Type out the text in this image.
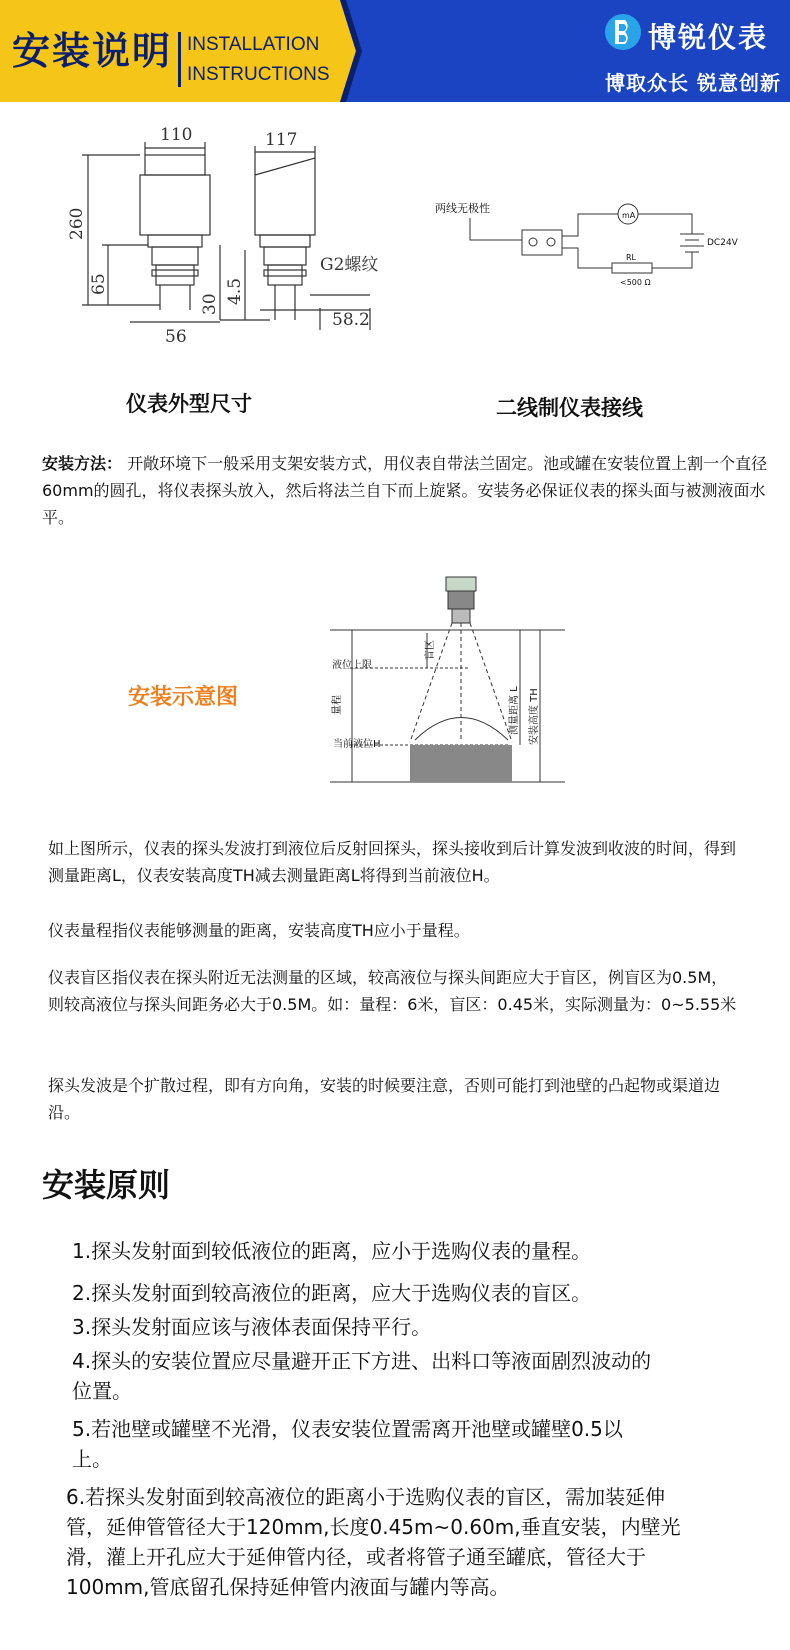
安装说明 INSTALLATION
INSTRUCTIONS
博锐仪表
博取众长 锐意创新
110	117
260
65
56
30 4.5
G2螺纹
58.2
仪表外型尺寸
两线无极性
mA
DC24V
RL
<500 Ω
二线制仪表接线
安装方法： 开敞环境下一般采用支架安装方式，用仪表自带法兰固定。池或罐在安装位置上割一个直径60mm的圆孔，将仪表探头放入，然后将法兰自下而上旋紧。安装务必保证仪表的探头面与被测液面水平。
安装示意图
液位上限
当前液位H
量程
盲区
测量距离 L 安装高度 TH
如上图所示，仪表的探头发波打到液位后反射回探头，探头接收到后计算发波到收波的时间，得到测量距离L，仪表安装高度TH减去测量距离L将得到当前液位H。
仪表量程指仪表能够测量的距离，安装高度TH应小于量程。
仪表盲区指仪表在探头附近无法测量的区域，较高液位与探头间距应大于盲区，例盲区为0.5M，则较高液位与探头间距务必大于0.5M。如：量程：6米，盲区：0.45米，实际测量为：0~5.55米
探头发波是个扩散过程，即有方向角，安装的时候要注意，否则可能打到池壁的凸起物或渠道边沿。
安装原则
1.探头发射面到较低液位的距离，应小于选购仪表的量程。
2.探头发射面到较高液位的距离，应大于选购仪表的盲区。
3.探头发射面应该与液体表面保持平行。
4.探头的安装位置应尽量避开正下方进、出料口等液面剧烈波动的位置。
5.若池壁或罐壁不光滑，仪表安装位置需离开池壁或罐壁0.5以上。
6.若探头发射面到较高液位的距离小于选购仪表的盲区，需加装延伸管，延伸管管径大于120mm,长度0.45m~0.60m,垂直安装，内壁光滑，灌上开孔应大于延伸管内径，或者将管子通至罐底，管径大于100mm,管底留孔保持延伸管内液面与罐内等高。
